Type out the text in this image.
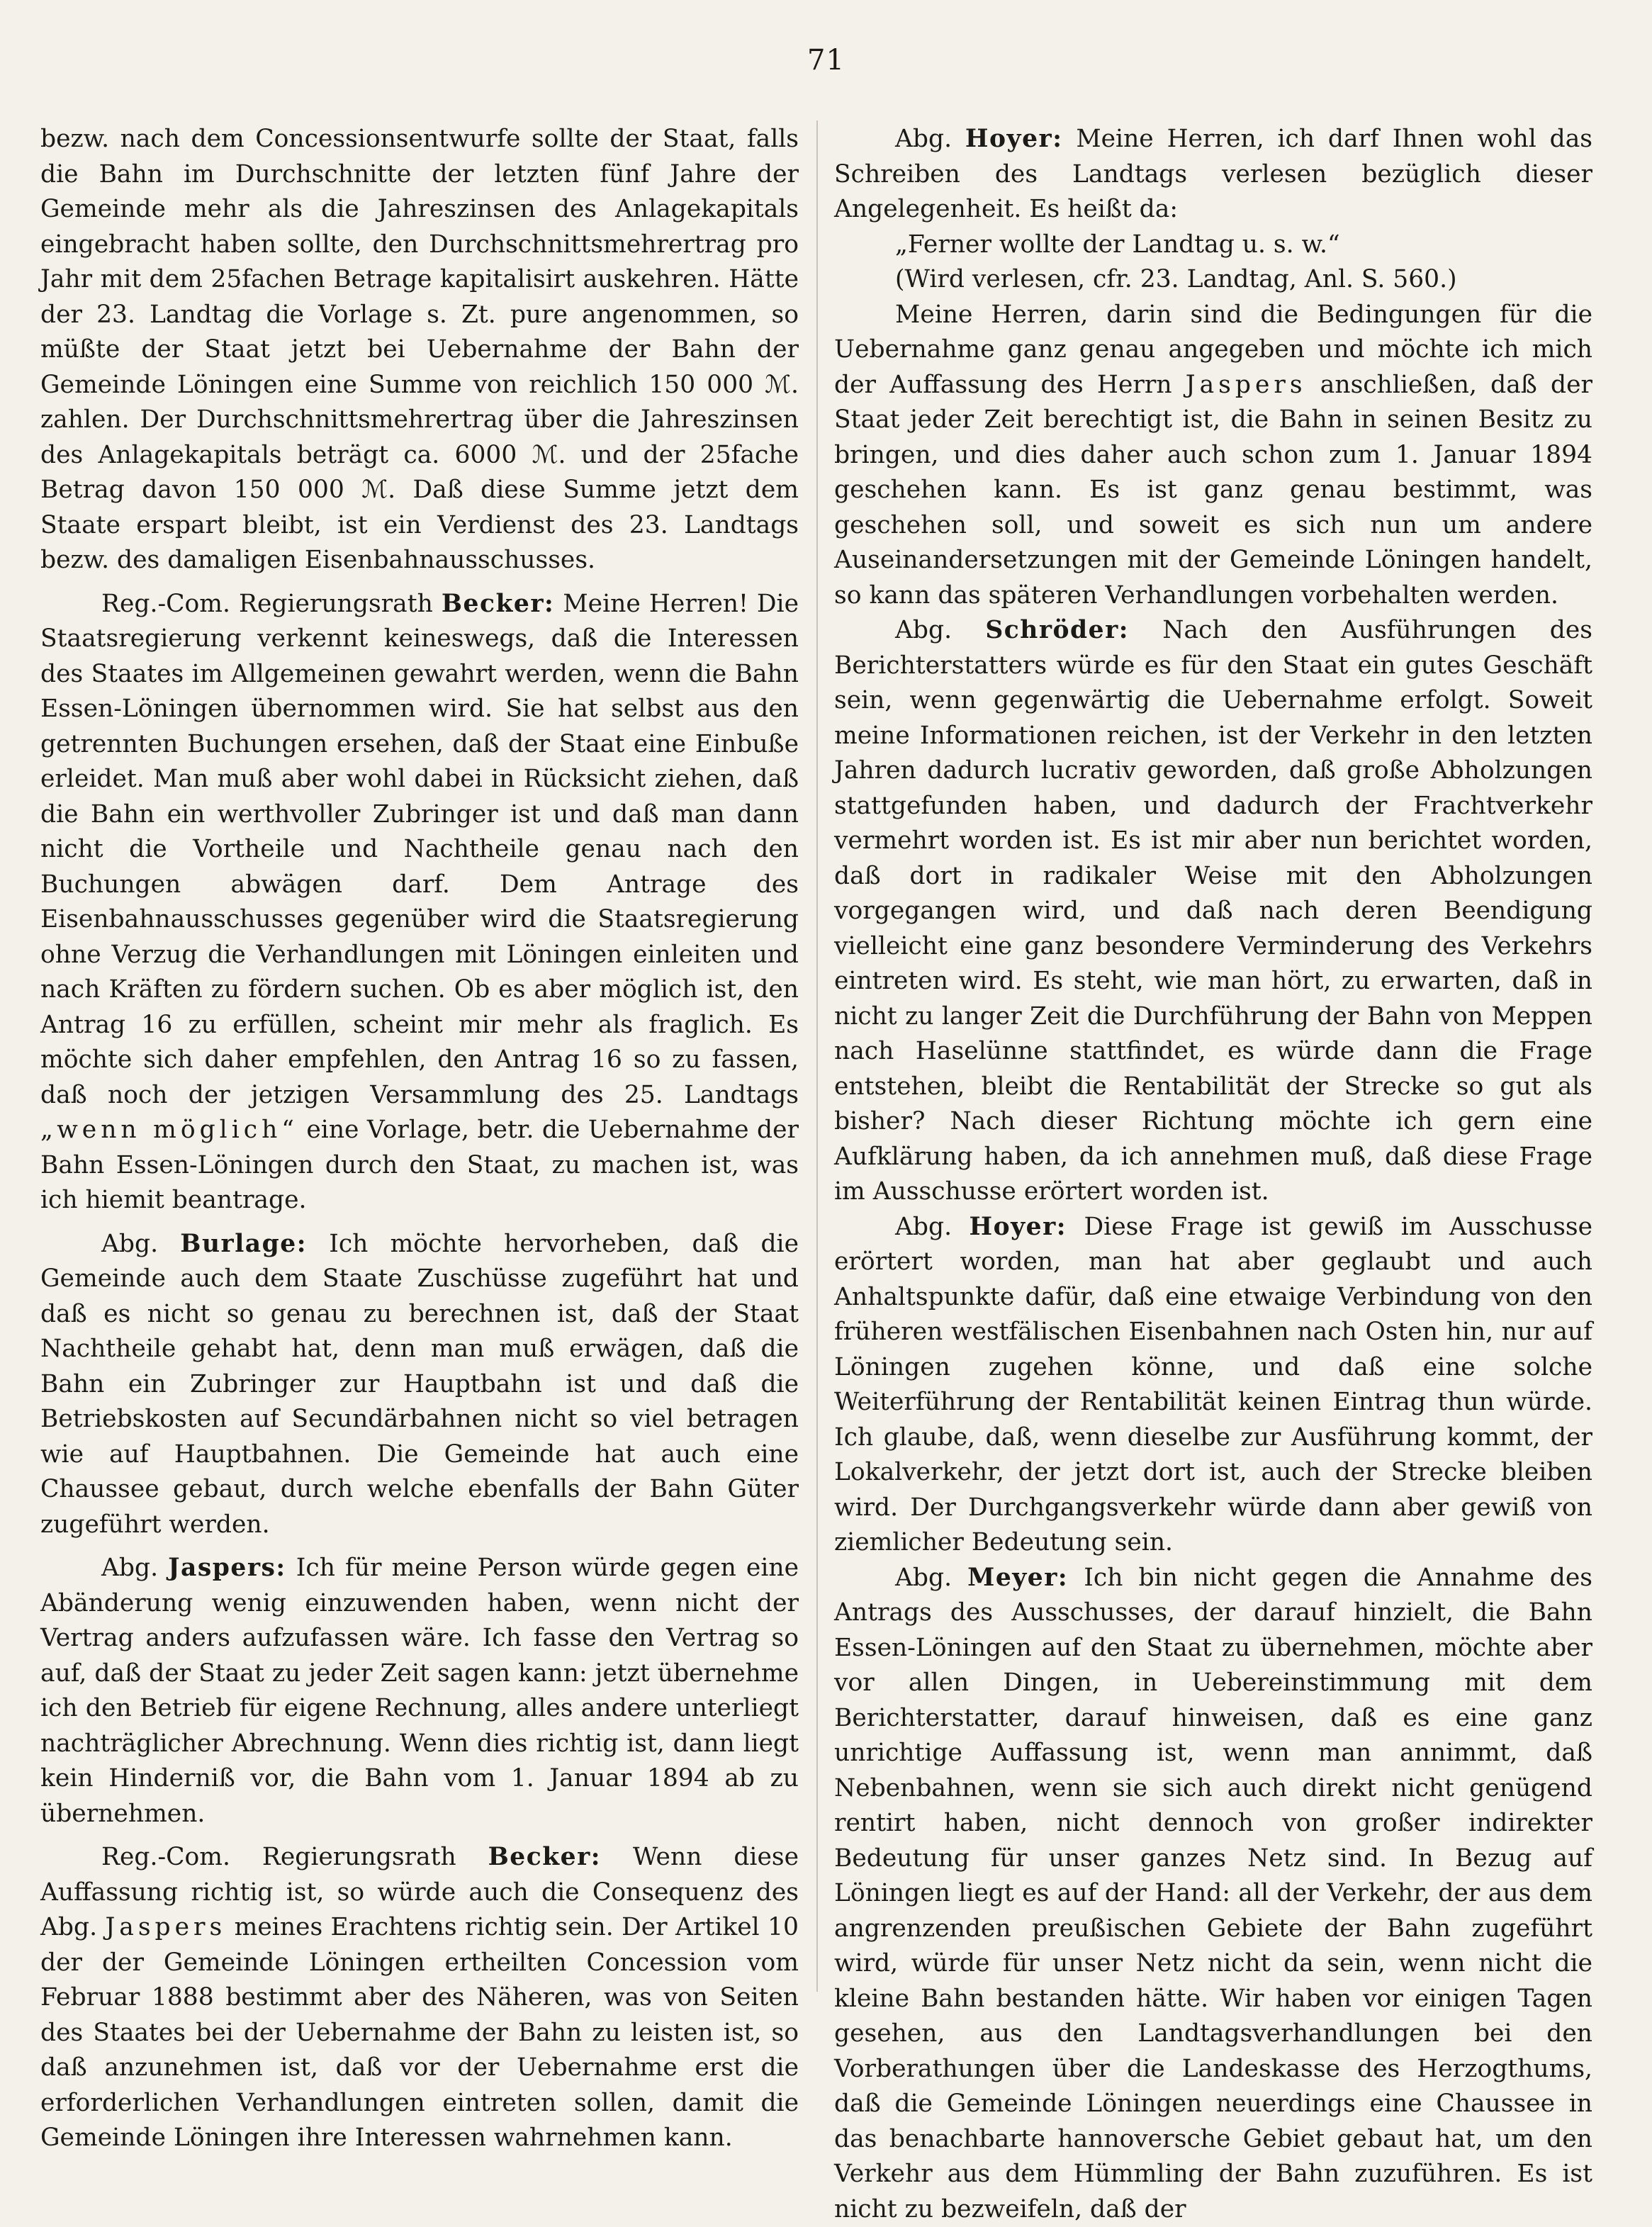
71

bezw. nach dem Concessionsentwurfe sollte der Staat, falls die Bahn im Durchschnitte der letzten fünf Jahre der Gemeinde mehr als die Jahreszinsen des Anlagekapitals eingebracht haben sollte, den Durchschnittsmehrertrag pro Jahr mit dem 25fachen Betrage kapitalisirt auskehren. Hätte der 23. Landtag die Vorlage s. Zt. pure angenommen, so müßte der Staat jetzt bei Uebernahme der Bahn der Gemeinde Löningen eine Summe von reichlich 150 000 ℳ. zahlen. Der Durchschnittsmehrertrag über die Jahreszinsen des Anlagekapitals beträgt ca. 6000 ℳ. und der 25fache Betrag davon 150 000 ℳ. Daß diese Summe jetzt dem Staate erspart bleibt, ist ein Verdienst des 23. Landtags bezw. des damaligen Eisenbahnausschusses.

Reg.-Com. Regierungsrath Becker: Meine Herren! Die Staatsregierung verkennt keineswegs, daß die Interessen des Staates im Allgemeinen gewahrt werden, wenn die Bahn Essen-Löningen übernommen wird. Sie hat selbst aus den getrennten Buchungen ersehen, daß der Staat eine Einbuße erleidet. Man muß aber wohl dabei in Rücksicht ziehen, daß die Bahn ein werthvoller Zubringer ist und daß man dann nicht die Vortheile und Nachtheile genau nach den Buchungen abwägen darf. Dem Antrage des Eisenbahnausschusses gegenüber wird die Staatsregierung ohne Verzug die Verhandlungen mit Löningen einleiten und nach Kräften zu fördern suchen. Ob es aber möglich ist, den Antrag 16 zu erfüllen, scheint mir mehr als fraglich. Es möchte sich daher empfehlen, den Antrag 16 so zu fassen, daß noch der jetzigen Versammlung des 25. Landtags „wenn möglich“ eine Vorlage, betr. die Uebernahme der Bahn Essen-Löningen durch den Staat, zu machen ist, was ich hiemit beantrage.

Abg. Burlage: Ich möchte hervorheben, daß die Gemeinde auch dem Staate Zuschüsse zugeführt hat und daß es nicht so genau zu berechnen ist, daß der Staat Nachtheile gehabt hat, denn man muß erwägen, daß die Bahn ein Zubringer zur Hauptbahn ist und daß die Betriebskosten auf Secundärbahnen nicht so viel betragen wie auf Hauptbahnen. Die Gemeinde hat auch eine Chaussee gebaut, durch welche ebenfalls der Bahn Güter zugeführt werden.

Abg. Jaspers: Ich für meine Person würde gegen eine Abänderung wenig einzuwenden haben, wenn nicht der Vertrag anders aufzufassen wäre. Ich fasse den Vertrag so auf, daß der Staat zu jeder Zeit sagen kann: jetzt übernehme ich den Betrieb für eigene Rechnung, alles andere unterliegt nachträglicher Abrechnung. Wenn dies richtig ist, dann liegt kein Hinderniß vor, die Bahn vom 1. Januar 1894 ab zu übernehmen.

Reg.-Com. Regierungsrath Becker: Wenn diese Auffassung richtig ist, so würde auch die Consequenz des Abg. Jaspers meines Erachtens richtig sein. Der Artikel 10 der der Gemeinde Löningen ertheilten Concession vom Februar 1888 bestimmt aber des Näheren, was von Seiten des Staates bei der Uebernahme der Bahn zu leisten ist, so daß anzunehmen ist, daß vor der Uebernahme erst die erforderlichen Verhandlungen eintreten sollen, damit die Gemeinde Löningen ihre Interessen wahrnehmen kann.

Abg. Hoyer: Meine Herren, ich darf Ihnen wohl das Schreiben des Landtags verlesen bezüglich dieser Angelegenheit. Es heißt da:

„Ferner wollte der Landtag u. s. w.“

(Wird verlesen, cfr. 23. Landtag, Anl. S. 560.)

Meine Herren, darin sind die Bedingungen für die Uebernahme ganz genau angegeben und möchte ich mich der Auffassung des Herrn Jaspers anschließen, daß der Staat jeder Zeit berechtigt ist, die Bahn in seinen Besitz zu bringen, und dies daher auch schon zum 1. Januar 1894 geschehen kann. Es ist ganz genau bestimmt, was geschehen soll, und soweit es sich nun um andere Auseinandersetzungen mit der Gemeinde Löningen handelt, so kann das späteren Verhandlungen vorbehalten werden.

Abg. Schröder: Nach den Ausführungen des Berichterstatters würde es für den Staat ein gutes Geschäft sein, wenn gegenwärtig die Uebernahme erfolgt. Soweit meine Informationen reichen, ist der Verkehr in den letzten Jahren dadurch lucrativ geworden, daß große Abholzungen stattgefunden haben, und dadurch der Frachtverkehr vermehrt worden ist. Es ist mir aber nun berichtet worden, daß dort in radikaler Weise mit den Abholzungen vorgegangen wird, und daß nach deren Beendigung vielleicht eine ganz besondere Verminderung des Verkehrs eintreten wird. Es steht, wie man hört, zu erwarten, daß in nicht zu langer Zeit die Durchführung der Bahn von Meppen nach Haselünne stattfindet, es würde dann die Frage entstehen, bleibt die Rentabilität der Strecke so gut als bisher? Nach dieser Richtung möchte ich gern eine Aufklärung haben, da ich annehmen muß, daß diese Frage im Ausschusse erörtert worden ist.

Abg. Hoyer: Diese Frage ist gewiß im Ausschusse erörtert worden, man hat aber geglaubt und auch Anhaltspunkte dafür, daß eine etwaige Verbindung von den früheren westfälischen Eisenbahnen nach Osten hin, nur auf Löningen zugehen könne, und daß eine solche Weiterführung der Rentabilität keinen Eintrag thun würde. Ich glaube, daß, wenn dieselbe zur Ausführung kommt, der Lokalverkehr, der jetzt dort ist, auch der Strecke bleiben wird. Der Durchgangsverkehr würde dann aber gewiß von ziemlicher Bedeutung sein.

Abg. Meyer: Ich bin nicht gegen die Annahme des Antrags des Ausschusses, der darauf hinzielt, die Bahn Essen-Löningen auf den Staat zu übernehmen, möchte aber vor allen Dingen, in Uebereinstimmung mit dem Berichterstatter, darauf hinweisen, daß es eine ganz unrichtige Auffassung ist, wenn man annimmt, daß Nebenbahnen, wenn sie sich auch direkt nicht genügend rentirt haben, nicht dennoch von großer indirekter Bedeutung für unser ganzes Netz sind. In Bezug auf Löningen liegt es auf der Hand: all der Verkehr, der aus dem angrenzenden preußischen Gebiete der Bahn zugeführt wird, würde für unser Netz nicht da sein, wenn nicht die kleine Bahn bestanden hätte. Wir haben vor einigen Tagen gesehen, aus den Landtagsverhandlungen bei den Vorberathungen über die Landeskasse des Herzogthums, daß die Gemeinde Löningen neuerdings eine Chaussee in das benachbarte hannoversche Gebiet gebaut hat, um den Verkehr aus dem Hümmling der Bahn zuzuführen. Es ist nicht zu bezweifeln, daß der
